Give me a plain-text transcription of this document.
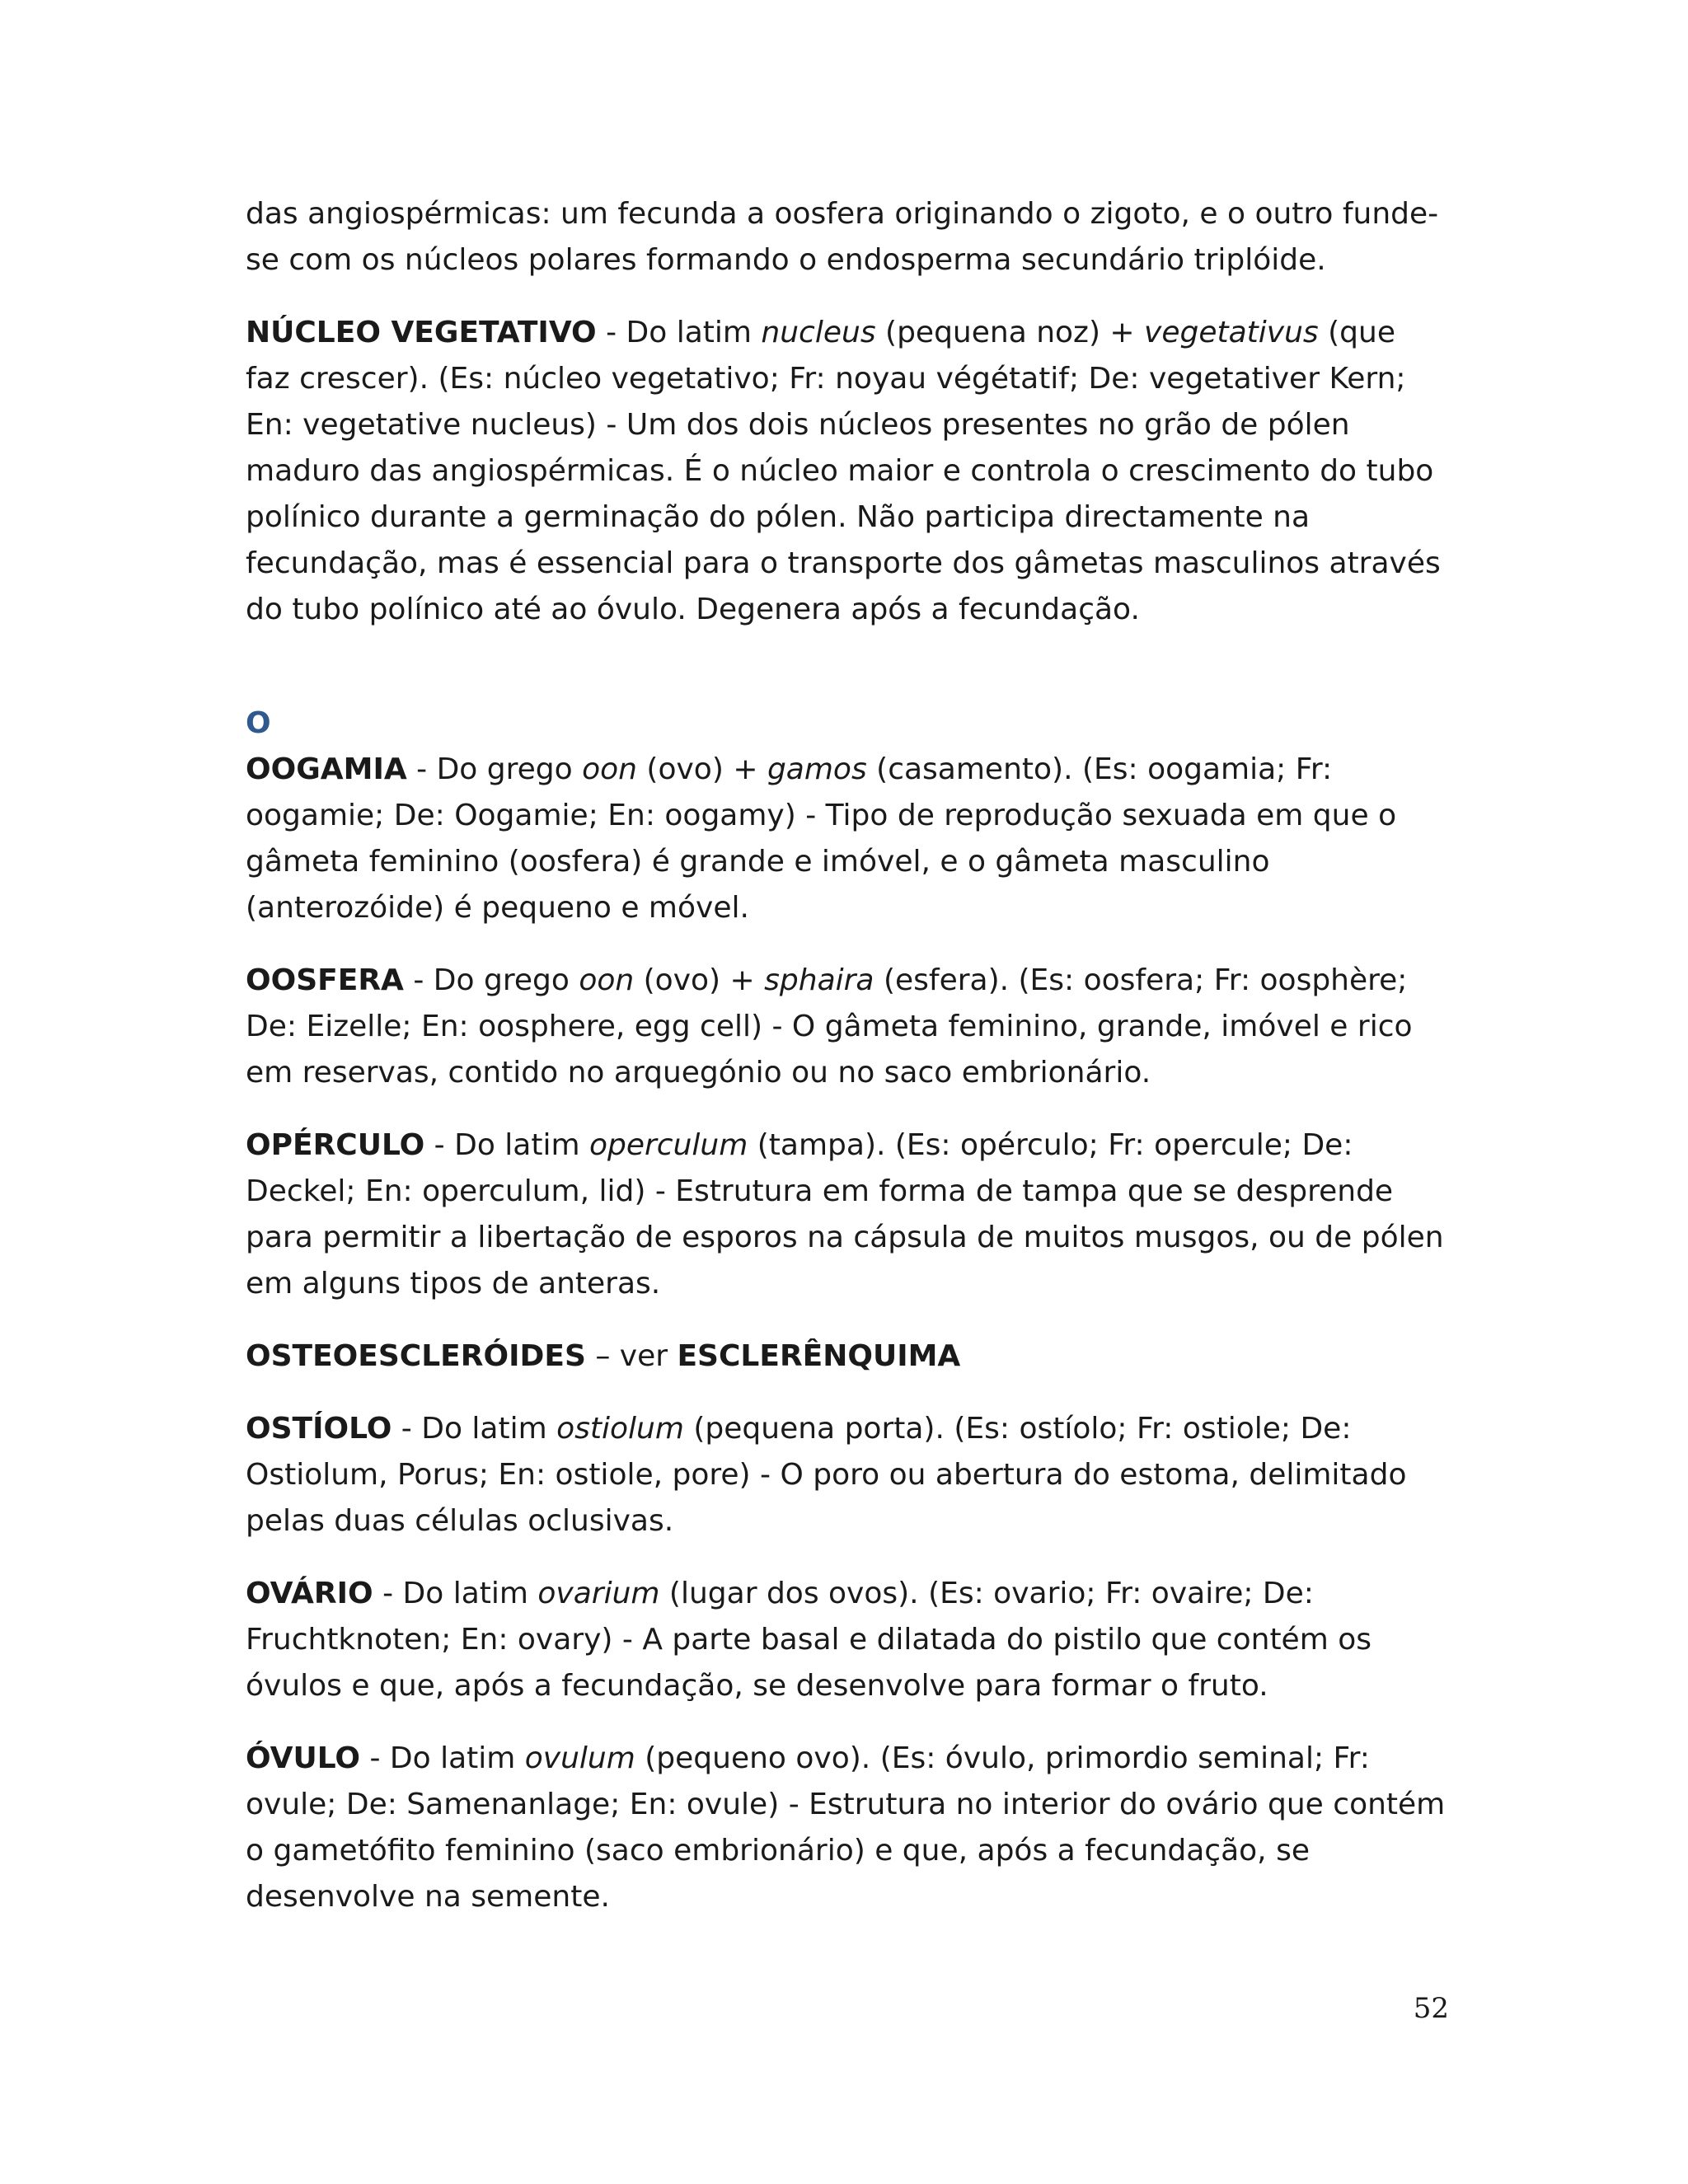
das angiospérmicas: um fecunda a oosfera originando o zigoto, e o outro funde-se com os núcleos polares formando o endosperma secundário triplóide.

NÚCLEO VEGETATIVO - Do latim nucleus (pequena noz) + vegetativus (que faz crescer). (Es: núcleo vegetativo; Fr: noyau végétatif; De: vegetativer Kern; En: vegetative nucleus) - Um dos dois núcleos presentes no grão de pólen maduro das angiospérmicas. É o núcleo maior e controla o crescimento do tubo polínico durante a germinação do pólen. Não participa directamente na fecundação, mas é essencial para o transporte dos gâmetas masculinos através do tubo polínico até ao óvulo. Degenera após a fecundação.

O

OOGAMIA - Do grego oon (ovo) + gamos (casamento). (Es: oogamia; Fr: oogamie; De: Oogamie; En: oogamy) - Tipo de reprodução sexuada em que o gâmeta feminino (oosfera) é grande e imóvel, e o gâmeta masculino (anterozóide) é pequeno e móvel.

OOSFERA - Do grego oon (ovo) + sphaira (esfera). (Es: oosfera; Fr: oosphère; De: Eizelle; En: oosphere, egg cell) - O gâmeta feminino, grande, imóvel e rico em reservas, contido no arquegónio ou no saco embrionário.

OPÉRCULO - Do latim operculum (tampa). (Es: opérculo; Fr: opercule; De: Deckel; En: operculum, lid) - Estrutura em forma de tampa que se desprende para permitir a libertação de esporos na cápsula de muitos musgos, ou de pólen em alguns tipos de anteras.

OSTEOESCLERÓIDES – ver ESCLERÊNQUIMA

OSTÍOLO - Do latim ostiolum (pequena porta). (Es: ostíolo; Fr: ostiole; De: Ostiolum, Porus; En: ostiole, pore) - O poro ou abertura do estoma, delimitado pelas duas células oclusivas.

OVÁRIO - Do latim ovarium (lugar dos ovos). (Es: ovario; Fr: ovaire; De: Fruchtknoten; En: ovary) - A parte basal e dilatada do pistilo que contém os óvulos e que, após a fecundação, se desenvolve para formar o fruto.

ÓVULO - Do latim ovulum (pequeno ovo). (Es: óvulo, primordio seminal; Fr: ovule; De: Samenanlage; En: ovule) - Estrutura no interior do ovário que contém o gametófito feminino (saco embrionário) e que, após a fecundação, se desenvolve na semente.

52
